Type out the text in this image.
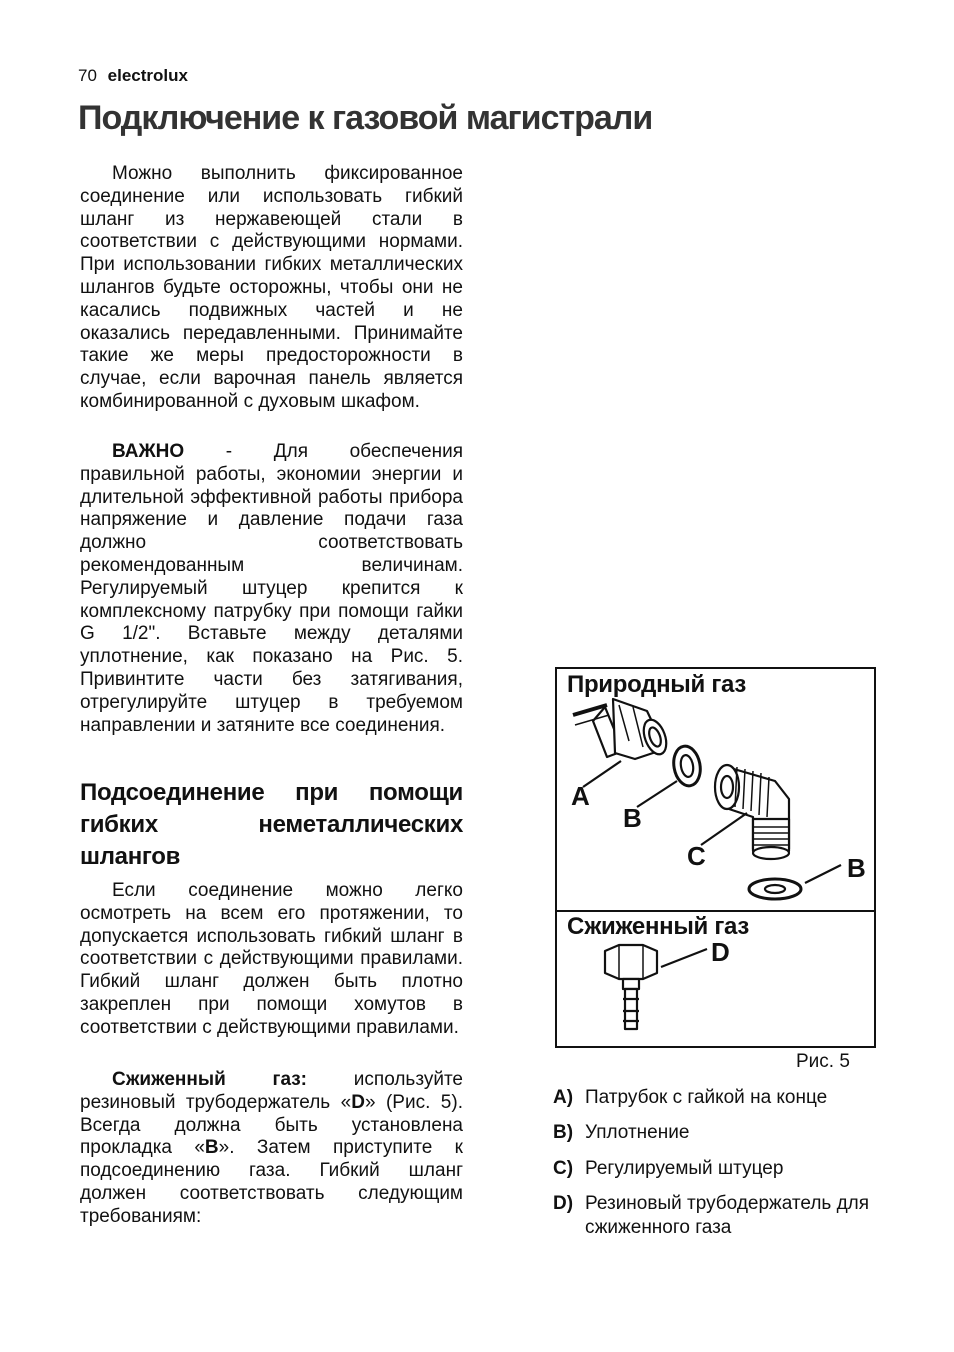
70 electrolux
Подключение к газовой магистрали

Можно выполнить фиксированное соединение или использовать гибкий шланг из нержавеющей стали в соответствии с действующими нормами. При использовании гибких металлических шлангов будьте осторожны, чтобы они не касались подвижных частей и не оказались передавленными. Принимайте такие же меры предосторожности в случае, если варочная панель является комбинированной с духовым шкафом.

ВАЖНО - Для обеспечения правильной работы, экономии энергии и длительной эффективной работы прибора напряжение и давление подачи газа должно соответствовать рекомендованным величинам. Регулируемый штуцер крепится к комплексному патрубку при помощи гайки G 1/2". Вставьте между деталями уплотнение, как показано на Рис. 5. Привинтите части без затягивания, отрегулируйте штуцер в требуемом направлении и затяните все соединения.

Подсоединение при помощи гибких неметаллических шлангов

Если соединение можно легко осмотреть на всем его протяжении, то допускается использовать гибкий шланг в соответствии с действующими правилами. Гибкий шланг должен быть плотно закреплен при помощи хомутов в соответствии с действующими правилами.

Сжиженный газ: используйте резиновый трубодержатель «D» (Рис. 5). Всегда должна быть установлена прокладка «B». Затем приступите к подсоединению газа. Гибкий шланг должен соответствовать следующим требованиям:

A
B
C	B
D
Природный газ
Сжиженный газ
Рис. 5
A) Патрубок с гайкой на конце
B) Уплотнение
C) Регулируемый штуцер
D) Резиновый трубодержатель для сжиженного газа
